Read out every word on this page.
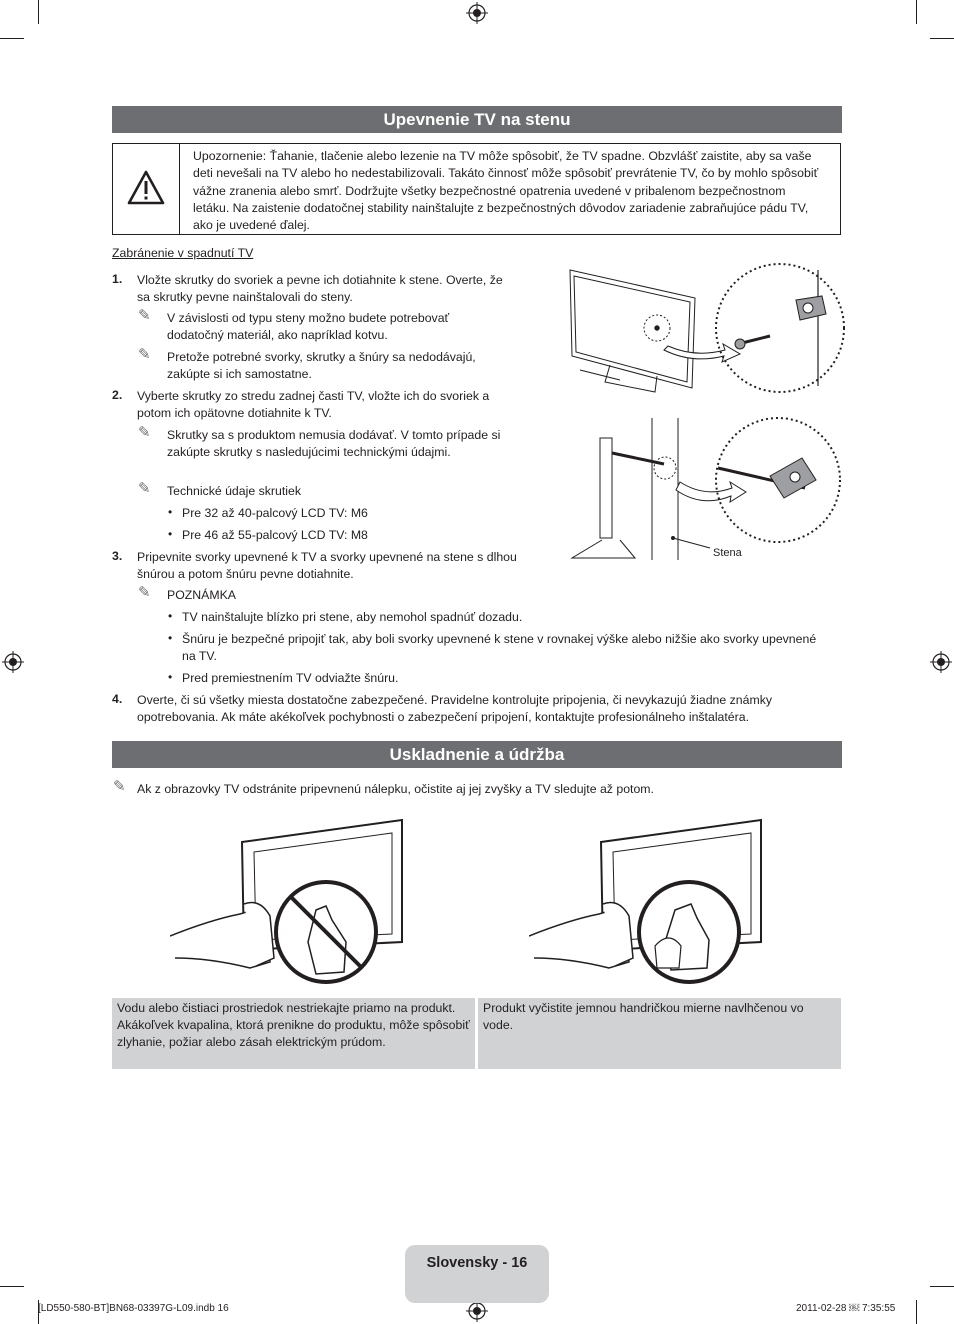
Upevnenie TV na stenu
Upozornenie: Ťahanie, tlačenie alebo lezenie na TV môže spôsobiť, že TV spadne. Obzvlášť zaistite, aby sa vaše deti nevešali na TV alebo ho nedestabilizovali. Takáto činnosť môže spôsobiť prevrátenie TV, čo by mohlo spôsobiť vážne zranenia alebo smrť. Dodržujte všetky bezpečnostné opatrenia uvedené v pribalenom bezpečnostnom letáku. Na zaistenie dodatočnej stability nainštalujte z bezpečnostných dôvodov zariadenie zabraňujúce pádu TV, ako je uvedené ďalej.
Zabránenie v spadnutí TV
1. Vložte skrutky do svoriek a pevne ich dotiahnite k stene. Overte, že sa skrutky pevne nainštalovali do steny.
✎ V závislosti od typu steny možno budete potrebovať dodatočný materiál, ako napríklad kotvu.
✎ Pretože potrebné svorky, skrutky a šnúry sa nedodávajú, zakúpte si ich samostatne.
2. Vyberte skrutky zo stredu zadnej časti TV, vložte ich do svoriek a potom ich opätovne dotiahnite k TV.
✎ Skrutky sa s produktom nemusia dodávať. V tomto prípade si zakúpte skrutky s nasledujúcimi technickými údajmi.
✎ Technické údaje skrutiek
• Pre 32 až 40-palcový LCD TV: M6
• Pre 46 až 55-palcový LCD TV: M8
3. Pripevnite svorky upevnené k TV a svorky upevnené na stene s dlhou šnúrou a potom šnúru pevne dotiahnite.
✎ POZNÁMKA
• TV nainštalujte blízko pri stene, aby nemohol spadnúť dozadu.
• Šnúru je bezpečné pripojiť tak, aby boli svorky upevnené k stene v rovnakej výške alebo nižšie ako svorky upevnené na TV.
• Pred premiestnením TV odviažte šnúru.
4. Overte, či sú všetky miesta dostatočne zabezpečené. Pravidelne kontrolujte pripojenia, či nevykazujú žiadne známky opotrebovania. Ak máte akékoľvek pochybnosti o zabezpečení pripojení, kontaktujte profesionálneho inštalatéra.
Stena
Uskladnenie a údržba
✎ Ak z obrazovky TV odstránite pripevnenú nálepku, očistite aj jej zvyšky a TV sledujte až potom.
Vodu alebo čistiaci prostriedok nestriekajte priamo na produkt. Akákoľvek kvapalina, ktorá prenikne do produktu, môže spôsobiť zlyhanie, požiar alebo zásah elektrickým prúdom.
Produkt vyčistite jemnou handričkou mierne navlhčenou vo vode.
Slovensky - 16
[LD550-580-BT]BN68-03397G-L09.indb 16	2011-02-28 ￼ 7:35:55
